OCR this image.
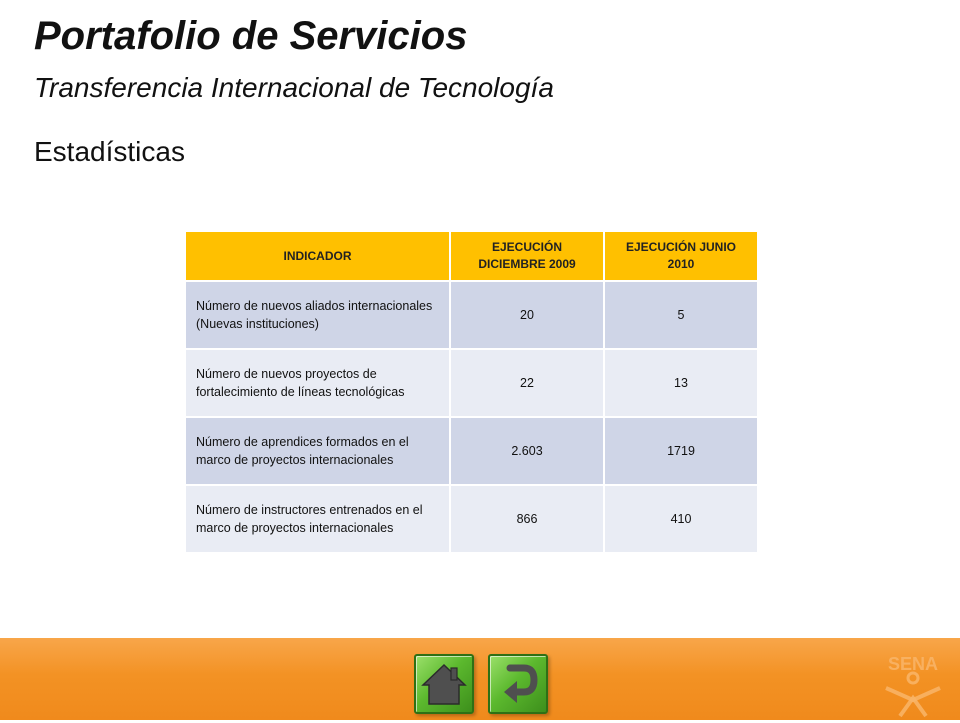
Portafolio de Servicios
Transferencia Internacional de Tecnología
Estadísticas
INDICADOR	EJECUCIÓN DICIEMBRE 2009	EJECUCIÓN JUNIO 2010
Número de nuevos aliados internacionales (Nuevas instituciones)	20	5
Número de nuevos proyectos de fortalecimiento de líneas tecnológicas	22	13
Número de aprendices formados en el marco de proyectos internacionales	2.603	1719
Número de instructores entrenados en el marco de proyectos internacionales	866	410
SENA
